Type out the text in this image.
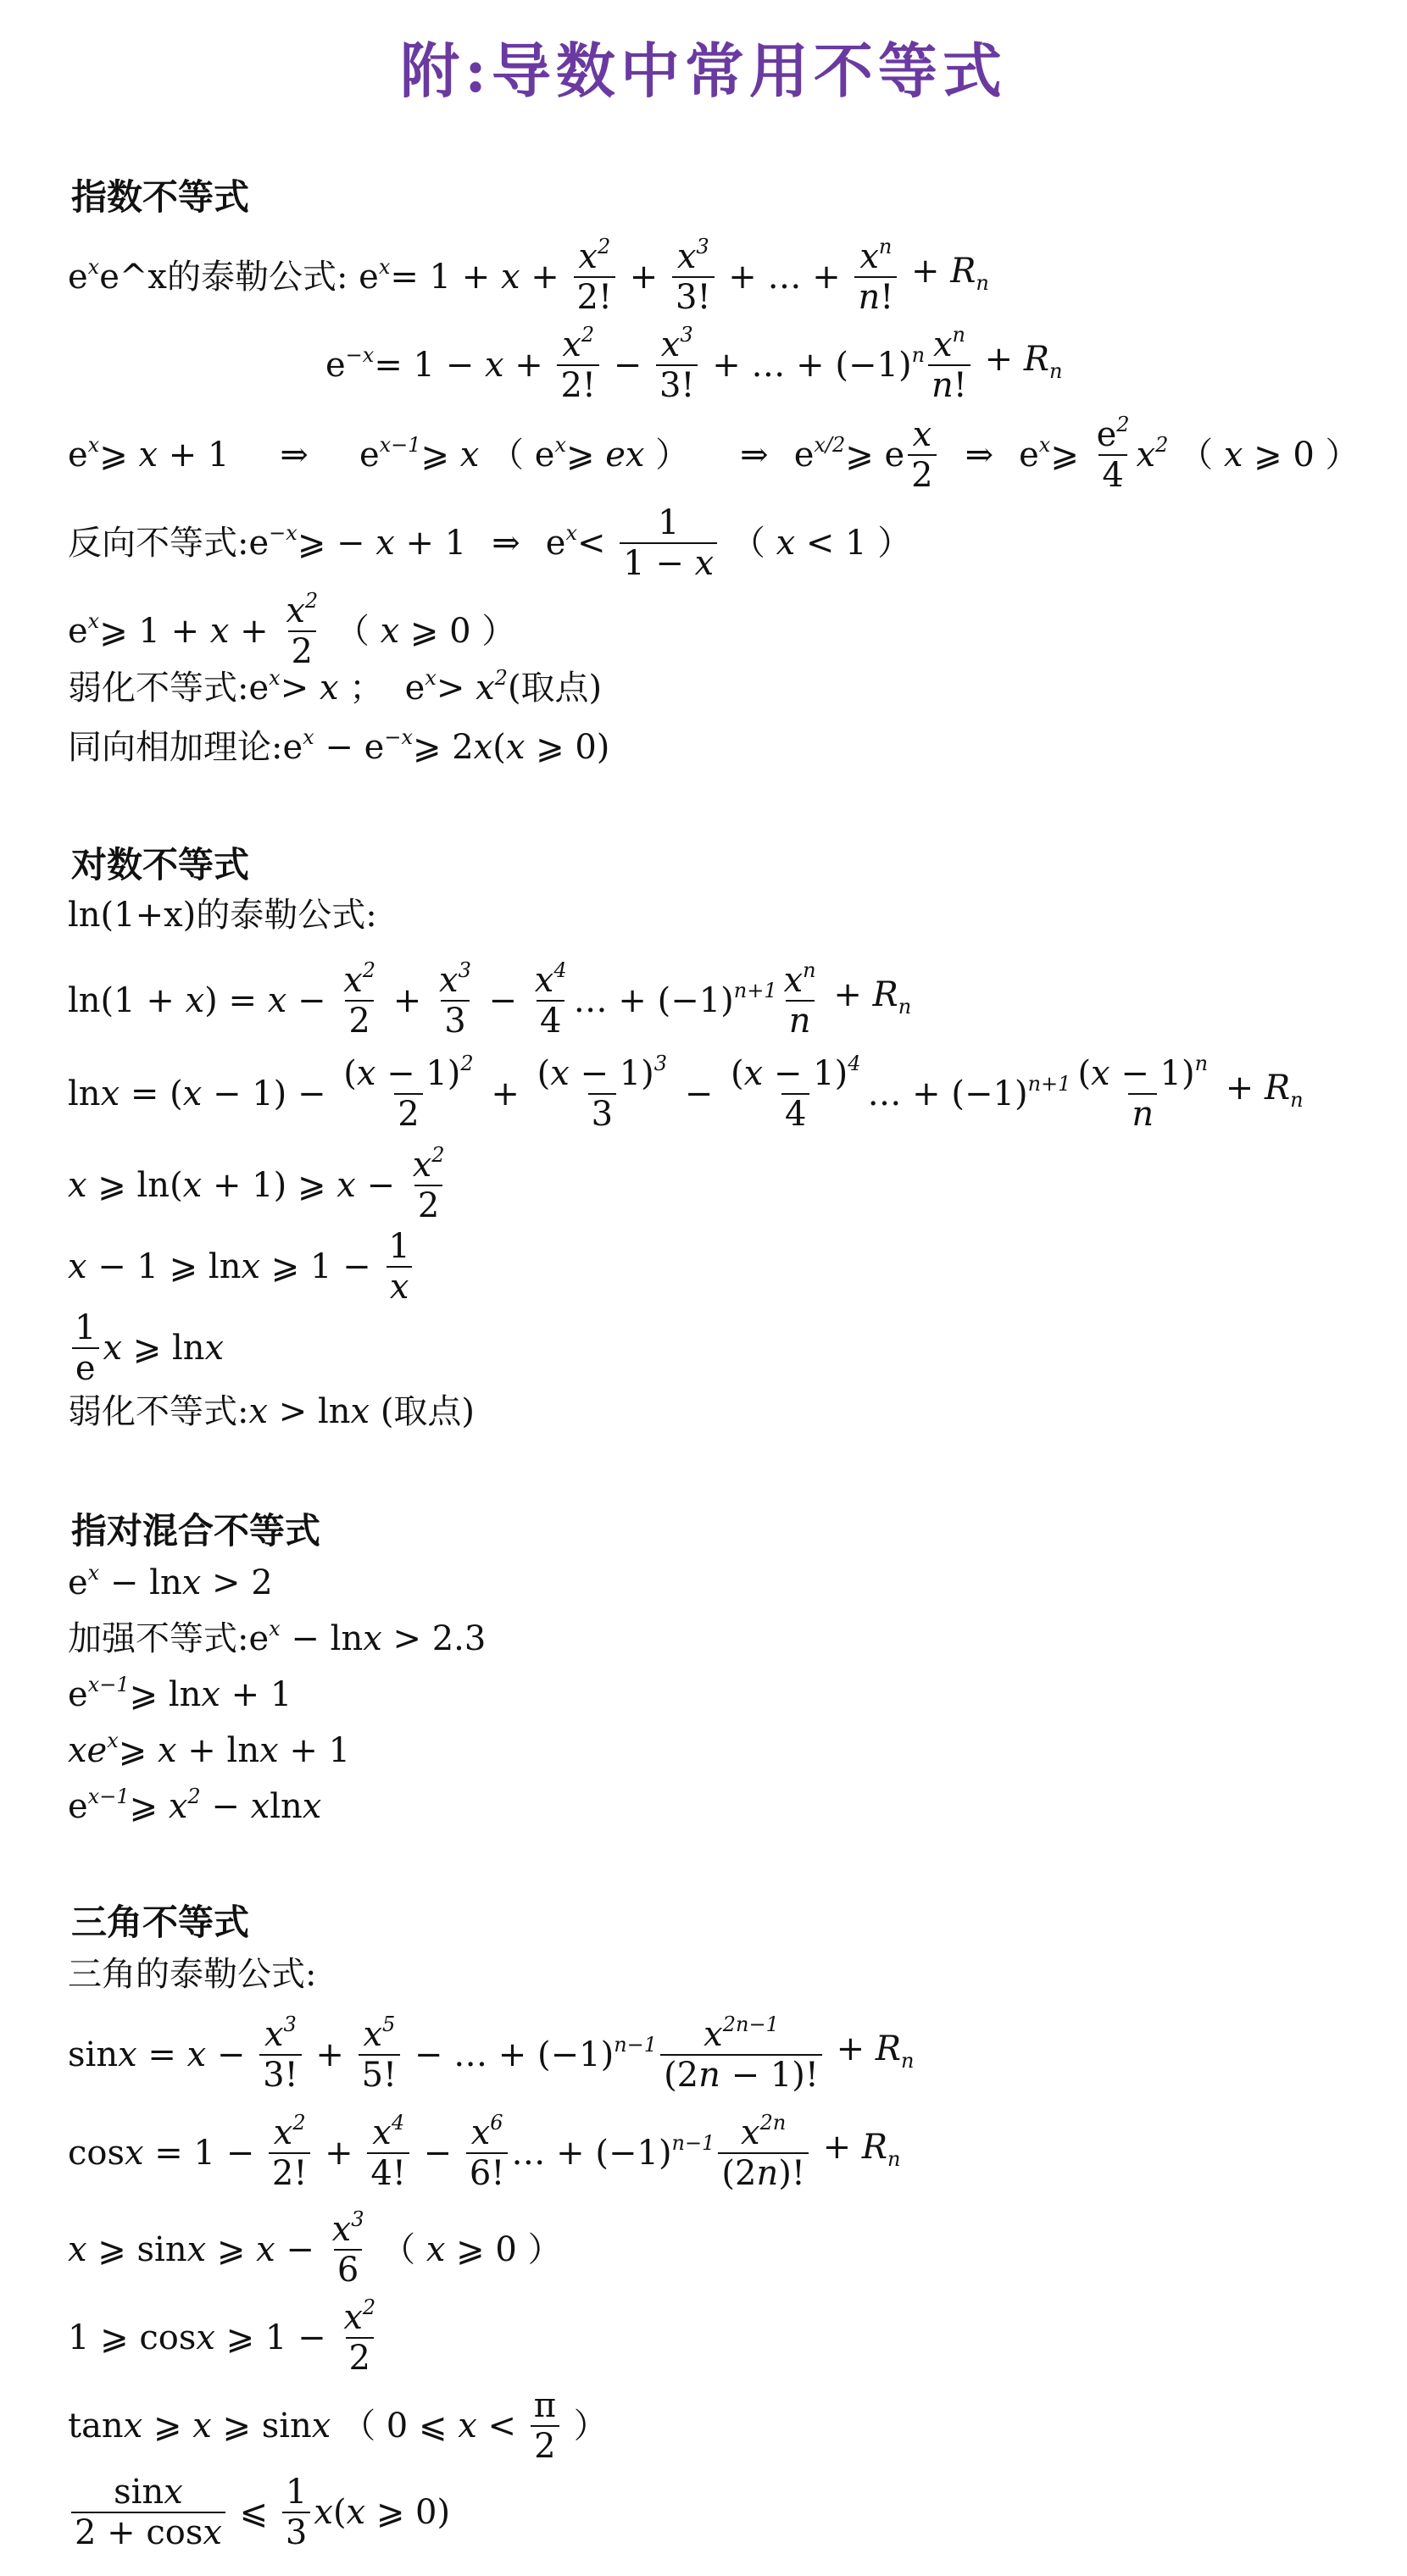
附:导数中常用不等式
指数不等式
$e^x$ e^x的泰勒公式: $e^x= 1 + x + \frac{x^2}{2!} + \frac{x^3}{3!}$ + … + $\frac{x^n}{n!} + R_n$
$e^{-x}= 1 - x + \frac{x^2}{2!} - \frac{x^3}{3!}$ + … + $(-1)^n \frac{x^n}{n!} + R_n$
$e^x⩾$ x + 1 ⇒ $e^{x-1}⩾$ x （ $e^x⩾$ ex ） ⇒ $e^{x/2}⩾$ e $\frac{x}{2}$ ⇒ $e^x⩾ \frac{e^2}{4} x^2$ （ x ⩾ 0 ）
反向不等式: $e^{-x}⩾ - x + 1$ ⇒ $e^x< \frac{1}{1 - x}$ （ x < 1 ）
$e^x⩾$ $1 + x + \frac{x^2}{2}$ （ x ⩾ 0 ）
弱化不等式: $e^x> x$ ；  $e^x> x^2$ (取点)
同向相加理论: $e^x$ − $e^{-x}⩾$ 2x(x ⩾ 0)
对数不等式
ln(1+x)的泰勒公式:
$\ln(1 + x) = x - \frac{x^2}{2} + \frac{x^3}{3} - \frac{x^4}{4}$ … + $(-1)^{n+1} \frac{x^n}{n} + R_n$
$\ln x = (x - 1) - \frac{(x - 1)^2}{2} + \frac{(x - 1)^3}{3} - \frac{(x - 1)^4}{4}$ … + $(-1)^{n+1} \frac{(x - 1)^n}{n} + R_n$
x ⩾ ln(x + 1) ⩾ $x - \frac{x^2}{2}$
x − 1 ⩾ lnx ⩾ $1 - \frac{1}{x}$
$\frac{1}{e}$ x ⩾ lnx
弱化不等式: x > lnx (取点)
指对混合不等式
$e^x - \ln x > 2$
加强不等式: $e^x - \ln x > 2.3$
$e^{x-1}⩾$ lnx + 1
$xe^x⩾$ x + lnx + 1
$e^{x-1}⩾$ $x^2 - xlnx$
三角不等式
三角的泰勒公式:
$\sin x = x - \frac{x^3}{3!} + \frac{x^5}{5!}$ − … + $(-1)^{n-1} \frac{x^{2n-1}}{(2n - 1)!} + R_n$
$\cos x = 1 - \frac{x^2}{2!} + \frac{x^4}{4!} - \frac{x^6}{6!}$ … + $(-1)^{n-1} \frac{x^{2n}}{(2n)!} + R_n$
x ⩾ sinx ⩾ $x - \frac{x^3}{6}$ （ x ⩾ 0 ）
1 ⩾ cosx ⩾ $1 - \frac{x^2}{2}$
tanx ⩾ x ⩾ sinx （ 0 ⩽ $x < \frac{\pi}{2}$ ）
$\frac{\sin x}{2 + \cos x}$ ⩽ $\frac{1}{3} x(x$ ⩾ 0)
